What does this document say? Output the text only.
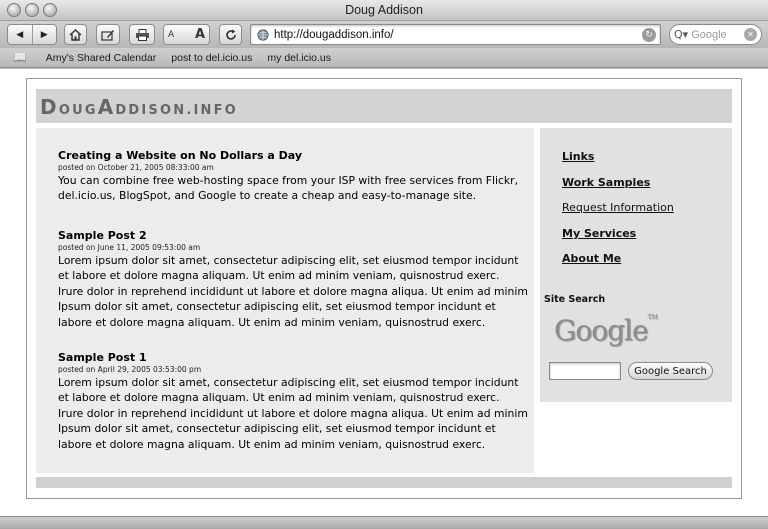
Doug Addison
◀	▶	A A	http://dougaddison.info/	↻ Q▾ Google	✕
📖 Amy's Shared Calendar post to del.icio.us my del.icio.us
DOUGADDISON.INFO
Creating a Website on No Dollars a Day
posted on October 21, 2005 08:33:00 am
You can combine free web-hosting space from your ISP with free services from Flickr, del.icio.us, BlogSpot, and Google to create a cheap and easy-to-manage site.
Sample Post 2
posted on June 11, 2005 09:53:00 am
Lorem ipsum dolor sit amet, consectetur adipiscing elit, set eiusmod tempor incidunt et labore et dolore magna aliquam. Ut enim ad minim veniam, quisnostrud exerc. Irure dolor in reprehend incididunt ut labore et dolore magna aliqua. Ut enim ad minim Ipsum dolor sit amet, consectetur adipiscing elit, set eiusmod tempor incidunt et labore et dolore magna aliquam. Ut enim ad minim veniam, quisnostrud exerc.
Sample Post 1
posted on April 29, 2005 03:53:00 pm
Lorem ipsum dolor sit amet, consectetur adipiscing elit, set eiusmod tempor incidunt et labore et dolore magna aliquam. Ut enim ad minim veniam, quisnostrud exerc. Irure dolor in reprehend incididunt ut labore et dolore magna aliqua. Ut enim ad minim Ipsum dolor sit amet, consectetur adipiscing elit, set eiusmod tempor incidunt et labore et dolore magna aliquam. Ut enim ad minim veniam, quisnostrud exerc.
Links
Work Samples
Request Information
My Services
About Me
Site Search
Google™
Google Search
